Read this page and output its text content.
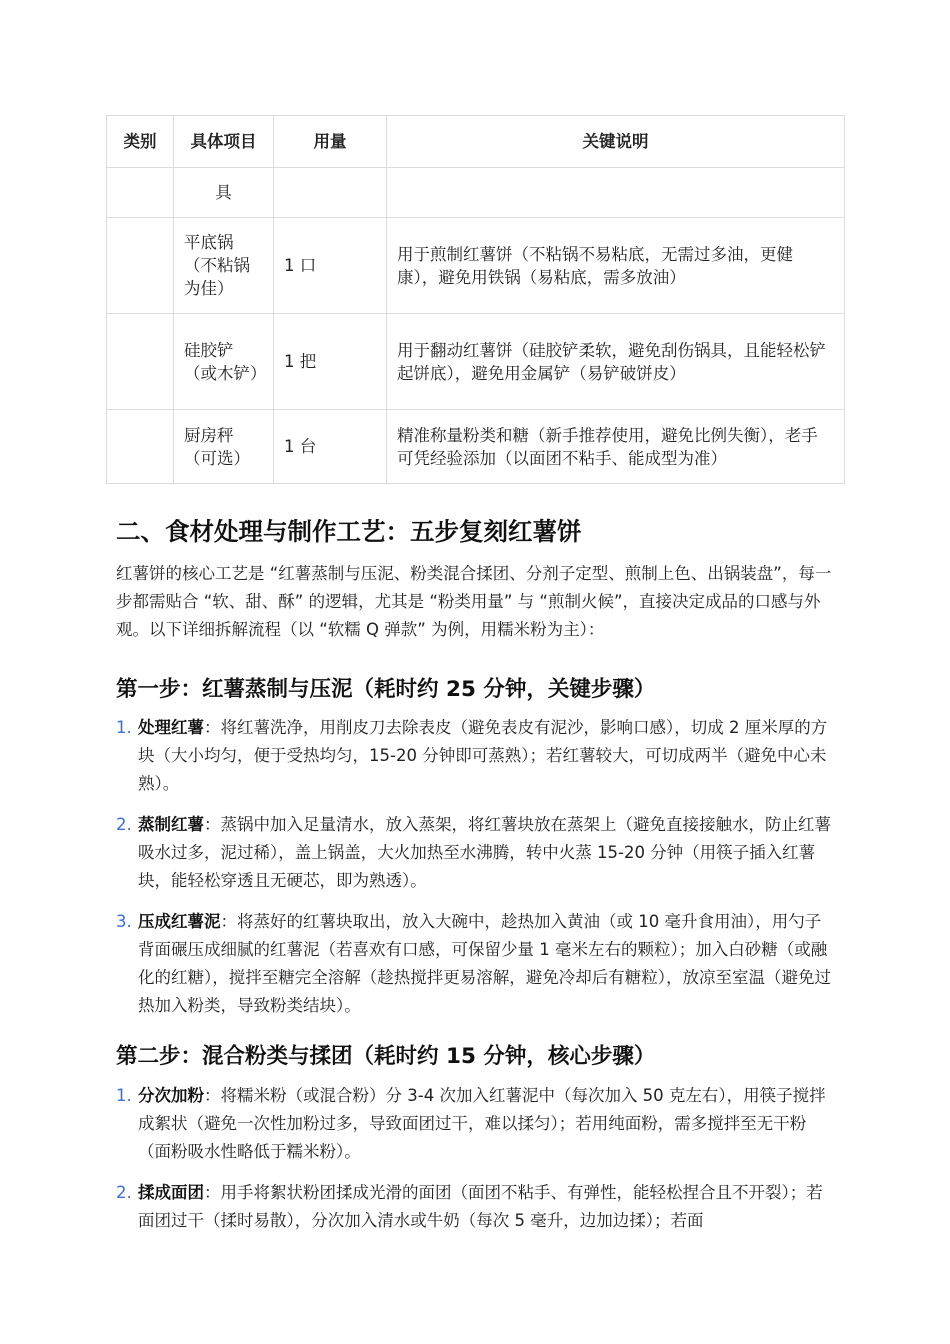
类别	具体项目	用量	关键说明
	具		
	平底锅（不粘锅为佳）	1 口	用于煎制红薯饼（不粘锅不易粘底，无需过多油，更健康），避免用铁锅（易粘底，需多放油）
	硅胶铲（或木铲）	1 把	用于翻动红薯饼（硅胶铲柔软，避免刮伤锅具，且能轻松铲起饼底），避免用金属铲（易铲破饼皮）
	厨房秤（可选）	1 台	精准称量粉类和糖（新手推荐使用，避免比例失衡），老手可凭经验添加（以面团不粘手、能成型为准）
二、食材处理与制作工艺：五步复刻红薯饼

红薯饼的核心工艺是 “红薯蒸制与压泥、粉类混合揉团、分剂子定型、煎制上色、出锅装盘”，每一步都需贴合 “软、甜、酥” 的逻辑，尤其是 “粉类用量” 与 “煎制火候”，直接决定成品的口感与外观。以下详细拆解流程（以 “软糯 Q 弹款” 为例，用糯米粉为主）：

第一步：红薯蒸制与压泥（耗时约 25 分钟，关键步骤）
1. 处理红薯：将红薯洗净，用削皮刀去除表皮（避免表皮有泥沙，影响口感），切成 2 厘米厚的方块（大小均匀，便于受热均匀，15-20 分钟即可蒸熟）；若红薯较大，可切成两半（避免中心未熟）。
2. 蒸制红薯：蒸锅中加入足量清水，放入蒸架，将红薯块放在蒸架上（避免直接接触水，防止红薯吸水过多，泥过稀），盖上锅盖，大火加热至水沸腾，转中火蒸 15-20 分钟（用筷子插入红薯块，能轻松穿透且无硬芯，即为熟透）。
3. 压成红薯泥：将蒸好的红薯块取出，放入大碗中，趁热加入黄油（或 10 毫升食用油），用勺子背面碾压成细腻的红薯泥（若喜欢有口感，可保留少量 1 毫米左右的颗粒）；加入白砂糖（或融化的红糖），搅拌至糖完全溶解（趁热搅拌更易溶解，避免冷却后有糖粒），放凉至室温（避免过热加入粉类，导致粉类结块）。
第二步：混合粉类与揉团（耗时约 15 分钟，核心步骤）
1. 分次加粉：将糯米粉（或混合粉）分 3-4 次加入红薯泥中（每次加入 50 克左右），用筷子搅拌成絮状（避免一次性加粉过多，导致面团过干，难以揉匀）；若用纯面粉，需多搅拌至无干粉（面粉吸水性略低于糯米粉）。
2. 揉成面团：用手将絮状粉团揉成光滑的面团（面团不粘手、有弹性，能轻松捏合且不开裂）；若面团过干（揉时易散），分次加入清水或牛奶（每次 5 毫升，边加边揉）；若面
